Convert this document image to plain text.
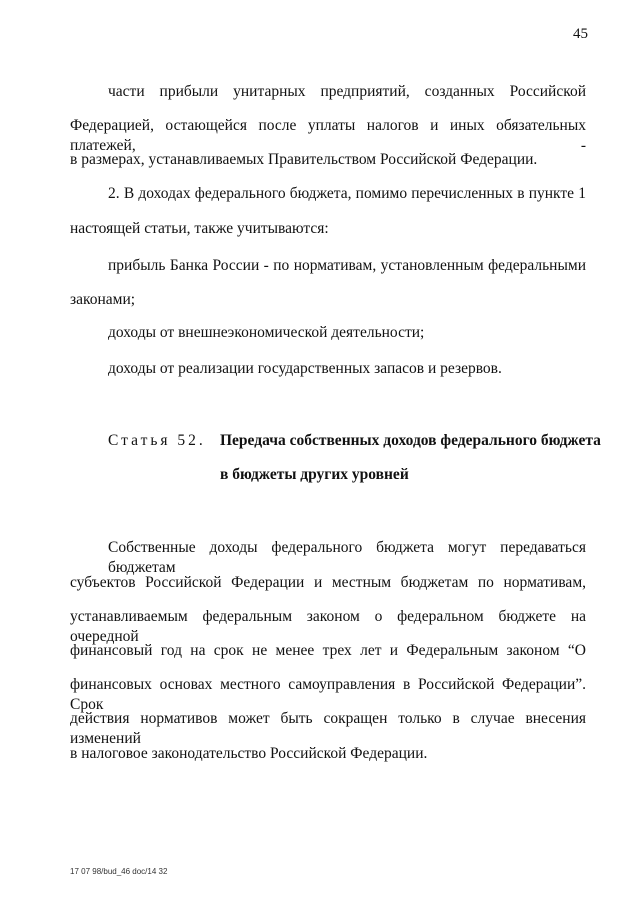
45
части прибыли унитарных предприятий, созданных Российской
Федерацией, остающейся после уплаты налогов и иных обязательных платежей, -
в размерах, устанавливаемых Правительством Российской Федерации.
2. В доходах федерального бюджета, помимо перечисленных в пункте 1
настоящей статьи, также учитываются:
прибыль Банка России - по нормативам, установленным федеральными
законами;
доходы от внешнеэкономической деятельности;
доходы от реализации государственных запасов и резервов.
Статья 52. Передача собственных доходов федерального бюджета
в бюджеты других уровней
Собственные доходы федерального бюджета могут передаваться бюджетам
субъектов Российской Федерации и местным бюджетам по нормативам,
устанавливаемым федеральным законом о федеральном бюджете на очередной
финансовый год на срок не менее трех лет и Федеральным законом “О
финансовых основах местного самоуправления в Российской Федерации”. Срок
действия нормативов может быть сокращен только в случае внесения изменений
в налоговое законодательство Российской Федерации.
17 07 98/bud_46 doc/14 32
